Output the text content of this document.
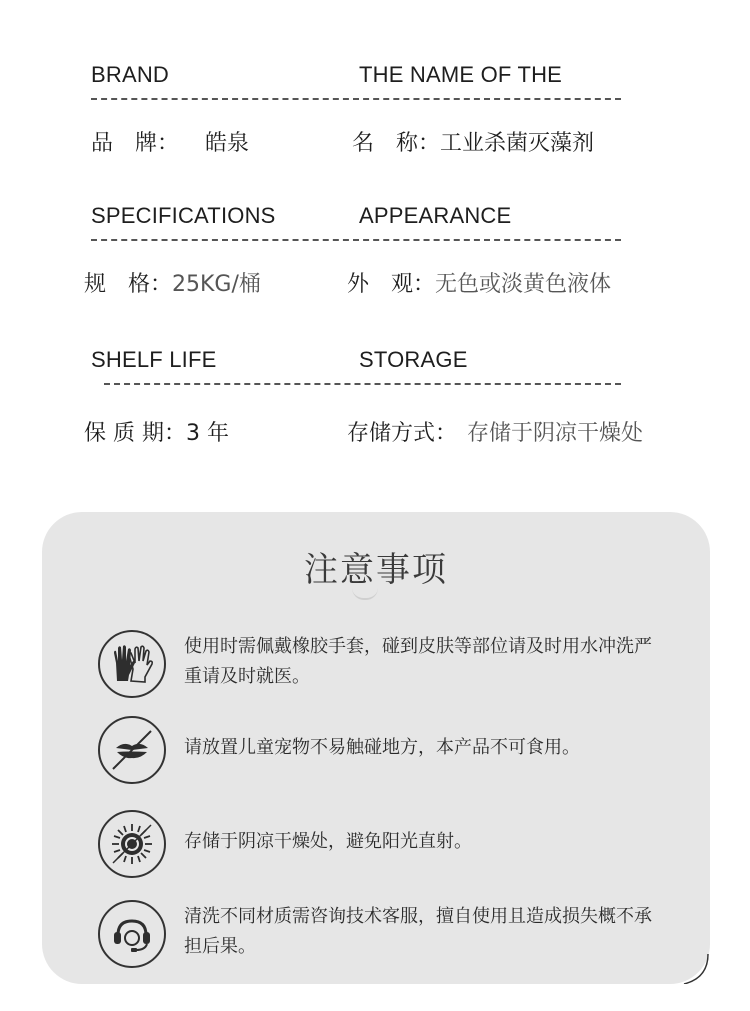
BRAND	THE NAME OF THE
品　牌： 皓泉	名　称：工业杀菌灭藻剂
SPECIFICATIONS	APPEARANCE
规　格：25KG/桶	外　观：无色或淡黄色液体
SHELF LIFE	STORAGE
保 质 期：3 年	存储方式： 存储于阴凉干燥处
注意事项
使用时需佩戴橡胶手套，碰到皮肤等部位请及时用水冲洗严重请及时就医。
请放置儿童宠物不易触碰地方，本产品不可食用。
存储于阴凉干燥处，避免阳光直射。
清洗不同材质需咨询技术客服，擅自使用且造成损失概不承担后果。
